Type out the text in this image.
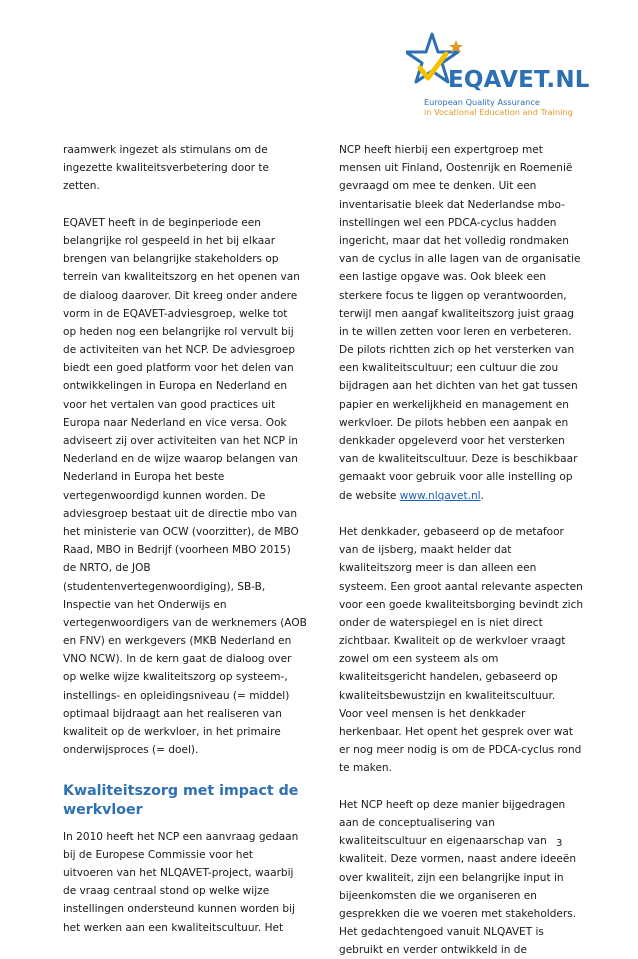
EQAVET.NL
European Quality Assurance
in Vocational Education and Training
raamwerk ingezet als stimulans om de
ingezette kwaliteitsverbetering door te
zetten.
EQAVET heeft in de beginperiode een
belangrijke rol gespeeld in het bij elkaar
brengen van belangrijke stakeholders op
terrein van kwaliteitszorg en het openen van
de dialoog daarover. Dit kreeg onder andere
vorm in de EQAVET-adviesgroep, welke tot
op heden nog een belangrijke rol vervult bij
de activiteiten van het NCP. De adviesgroep
biedt een goed platform voor het delen van
ontwikkelingen in Europa en Nederland en
voor het vertalen van good practices uit
Europa naar Nederland en vice versa. Ook
adviseert zij over activiteiten van het NCP in
Nederland en de wijze waarop belangen van
Nederland in Europa het beste
vertegenwoordigd kunnen worden. De
adviesgroep bestaat uit de directie mbo van
het ministerie van OCW (voorzitter), de MBO
Raad, MBO in Bedrijf (voorheen MBO 2015)
de NRTO, de JOB
(studentenvertegenwoordiging), SB-B,
Inspectie van het Onderwijs en
vertegenwoordigers van de werknemers (AOB
en FNV) en werkgevers (MKB Nederland en
VNO NCW). In de kern gaat de dialoog over
op welke wijze kwaliteitszorg op systeem-,
instellings- en opleidingsniveau (= middel)
optimaal bijdraagt aan het realiseren van
kwaliteit op de werkvloer, in het primaire
onderwijsproces (= doel).
Kwaliteitszorg met impact de
werkvloer
In 2010 heeft het NCP een aanvraag gedaan
bij de Europese Commissie voor het
uitvoeren van het NLQAVET-project, waarbij
de vraag centraal stond op welke wijze
instellingen ondersteund kunnen worden bij
het werken aan een kwaliteitscultuur. Het
NCP heeft hierbij een expertgroep met
mensen uit Finland, Oostenrijk en Roemenië
gevraagd om mee te denken. Uit een
inventarisatie bleek dat Nederlandse mbo-
instellingen wel een PDCA-cyclus hadden
ingericht, maar dat het volledig rondmaken
van de cyclus in alle lagen van de organisatie
een lastige opgave was. Ook bleek een
sterkere focus te liggen op verantwoorden,
terwijl men aangaf kwaliteitszorg juist graag
in te willen zetten voor leren en verbeteren.
De pilots richtten zich op het versterken van
een kwaliteitscultuur; een cultuur die zou
bijdragen aan het dichten van het gat tussen
papier en werkelijkheid en management en
werkvloer. De pilots hebben een aanpak en
denkkader opgeleverd voor het versterken
van de kwaliteitscultuur. Deze is beschikbaar
gemaakt voor gebruik voor alle instelling op
de website www.nlqavet.nl.
Het denkkader, gebaseerd op de metafoor
van de ijsberg, maakt helder dat
kwaliteitszorg meer is dan alleen een
systeem. Een groot aantal relevante aspecten
voor een goede kwaliteitsborging bevindt zich
onder de waterspiegel en is niet direct
zichtbaar. Kwaliteit op de werkvloer vraagt
zowel om een systeem als om
kwaliteitsgericht handelen, gebaseerd op
kwaliteitsbewustzijn en kwaliteitscultuur.
Voor veel mensen is het denkkader
herkenbaar. Het opent het gesprek over wat
er nog meer nodig is om de PDCA-cyclus rond
te maken.
Het NCP heeft op deze manier bijgedragen
aan de conceptualisering van
kwaliteitscultuur en eigenaarschap van
kwaliteit. Deze vormen, naast andere ideeën
over kwaliteit, zijn een belangrijke input in
bijeenkomsten die we organiseren en
gesprekken die we voeren met stakeholders.
Het gedachtengoed vanuit NLQAVET is
gebruikt en verder ontwikkeld in de
3
